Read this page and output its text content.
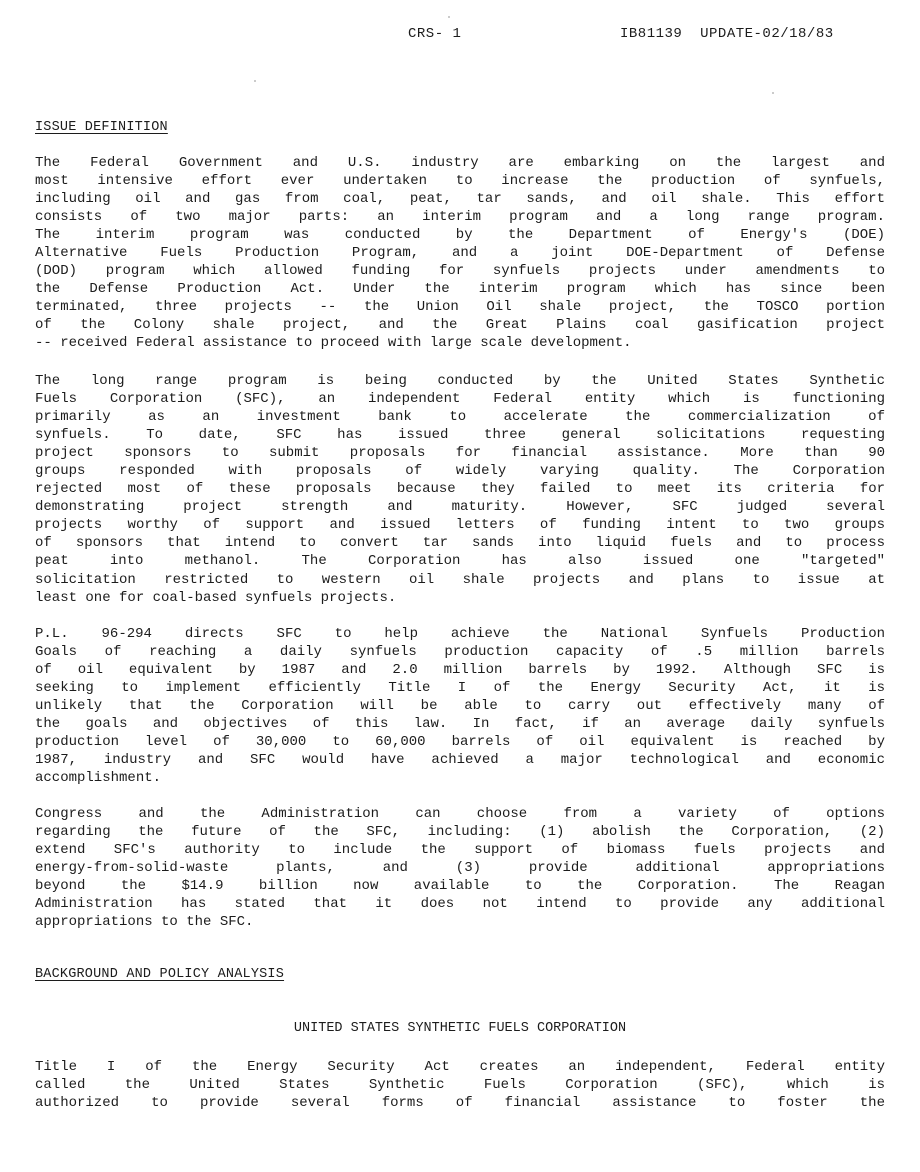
CRS- 1	IB81139  UPDATE-02/18/83
ISSUE DEFINITION
The Federal Government and U.S. industry are embarking on the largest and
most intensive effort ever undertaken to increase the production of synfuels,
including oil and gas from coal, peat, tar sands, and oil shale. This effort
consists of two major parts: an interim program and a long range program.
The interim program was conducted by the Department of Energy's (DOE)
Alternative Fuels Production Program, and a joint DOE-Department of Defense
(DOD) program which allowed funding for synfuels projects under amendments to
the Defense Production Act. Under the interim program which has since been
terminated, three projects -- the Union Oil shale project, the TOSCO portion
of the Colony shale project, and the Great Plains coal gasification project
-- received Federal assistance to proceed with large scale development.
The long range program is being conducted by the United States Synthetic
Fuels Corporation (SFC), an independent Federal entity which is functioning
primarily as an investment bank to accelerate the commercialization of
synfuels. To date, SFC has issued three general solicitations requesting
project sponsors to submit proposals for financial assistance. More than 90
groups responded with proposals of widely varying quality. The Corporation
rejected most of these proposals because they failed to meet its criteria for
demonstrating project strength and maturity. However, SFC judged several
projects worthy of support and issued letters of funding intent to two groups
of sponsors that intend to convert tar sands into liquid fuels and to process
peat into methanol. The Corporation has also issued one "targeted"
solicitation restricted to western oil shale projects and plans to issue at
least one for coal-based synfuels projects.
P.L. 96-294 directs SFC to help achieve the National Synfuels Production
Goals of reaching a daily synfuels production capacity of .5 million barrels
of oil equivalent by 1987 and 2.0 million barrels by 1992. Although SFC is
seeking to implement efficiently Title I of the Energy Security Act, it is
unlikely that the Corporation will be able to carry out effectively many of
the goals and objectives of this law. In fact, if an average daily synfuels
production level of 30,000 to 60,000 barrels of oil equivalent is reached by
1987, industry and SFC would have achieved a major technological and economic
accomplishment.
Congress and the Administration can choose from a variety of options
regarding the future of the SFC, including: (1) abolish the Corporation, (2)
extend SFC's authority to include the support of biomass fuels projects and
energy-from-solid-waste plants, and (3) provide additional appropriations
beyond the $14.9 billion now available to the Corporation. The Reagan
Administration has stated that it does not intend to provide any additional
appropriations to the SFC.
BACKGROUND AND POLICY ANALYSIS
UNITED STATES SYNTHETIC FUELS CORPORATION
Title I of the Energy Security Act creates an independent, Federal entity
called the United States Synthetic Fuels Corporation (SFC), which is
authorized to provide several forms of financial assistance to foster the
